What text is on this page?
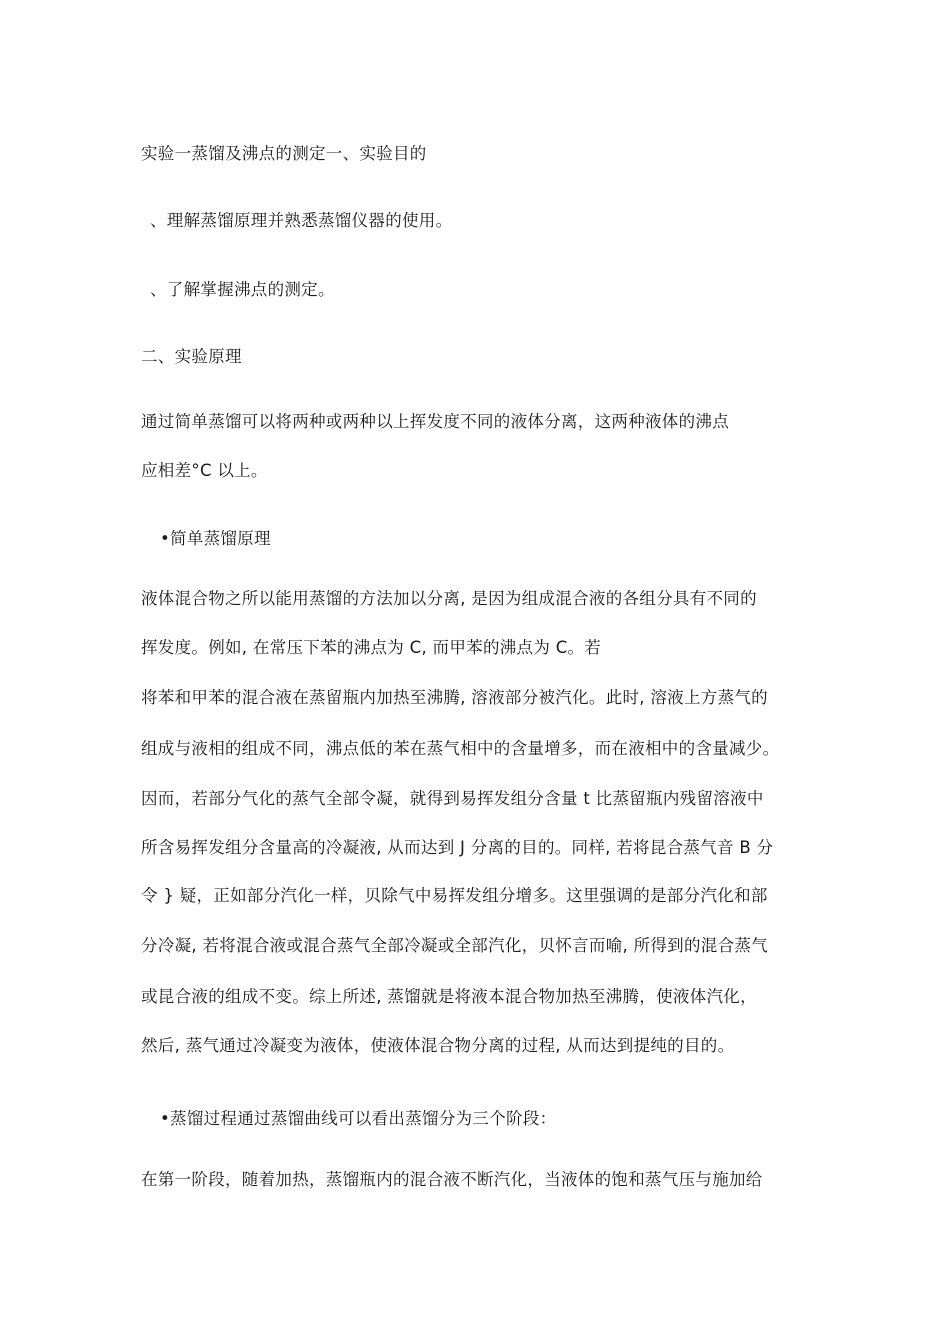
实验一蒸馏及沸点的测定一、实验目的
、理解蒸馏原理并熟悉蒸馏仪器的使用。
、了解掌握沸点的测定。
二、实验原理
通过简单蒸馏可以将两种或两种以上挥发度不同的液体分离，这两种液体的沸点
应相差°C 以上。
•简单蒸馏原理
液体混合物之所以能用蒸馏的方法加以分离, 是因为组成混合液的各组分具有不同的
挥发度。例如, 在常压下苯的沸点为 C, 而甲苯的沸点为 C。若
将苯和甲苯的混合液在蒸留瓶内加热至沸腾, 溶液部分被汽化。此时, 溶液上方蒸气的
组成与液相的组成不同，沸点低的苯在蒸气相中的含量增多，而在液相中的含量减少。
因而，若部分气化的蒸气全部令凝，就得到易挥发组分含量 t 比蒸留瓶内残留溶液中
所含易挥发组分含量高的冷凝液, 从而达到 J 分离的目的。同样, 若将昆合蒸气音 B 分
令 } 疑，正如部分汽化一样，贝除气中易挥发组分增多。这里强调的是部分汽化和部
分冷凝, 若将混合液或混合蒸气全部冷凝或全部汽化，贝怀言而喻, 所得到的混合蒸气
或昆合液的组成不变。综上所述, 蒸馏就是将液本混合物加热至沸腾，使液体汽化，
然后, 蒸气通过冷凝变为液体，使液体混合物分离的过程, 从而达到提纯的目的。
•蒸馏过程通过蒸馏曲线可以看出蒸馏分为三个阶段：
在第一阶段，随着加热，蒸馏瓶内的混合液不断汽化，当液体的饱和蒸气压与施加给
